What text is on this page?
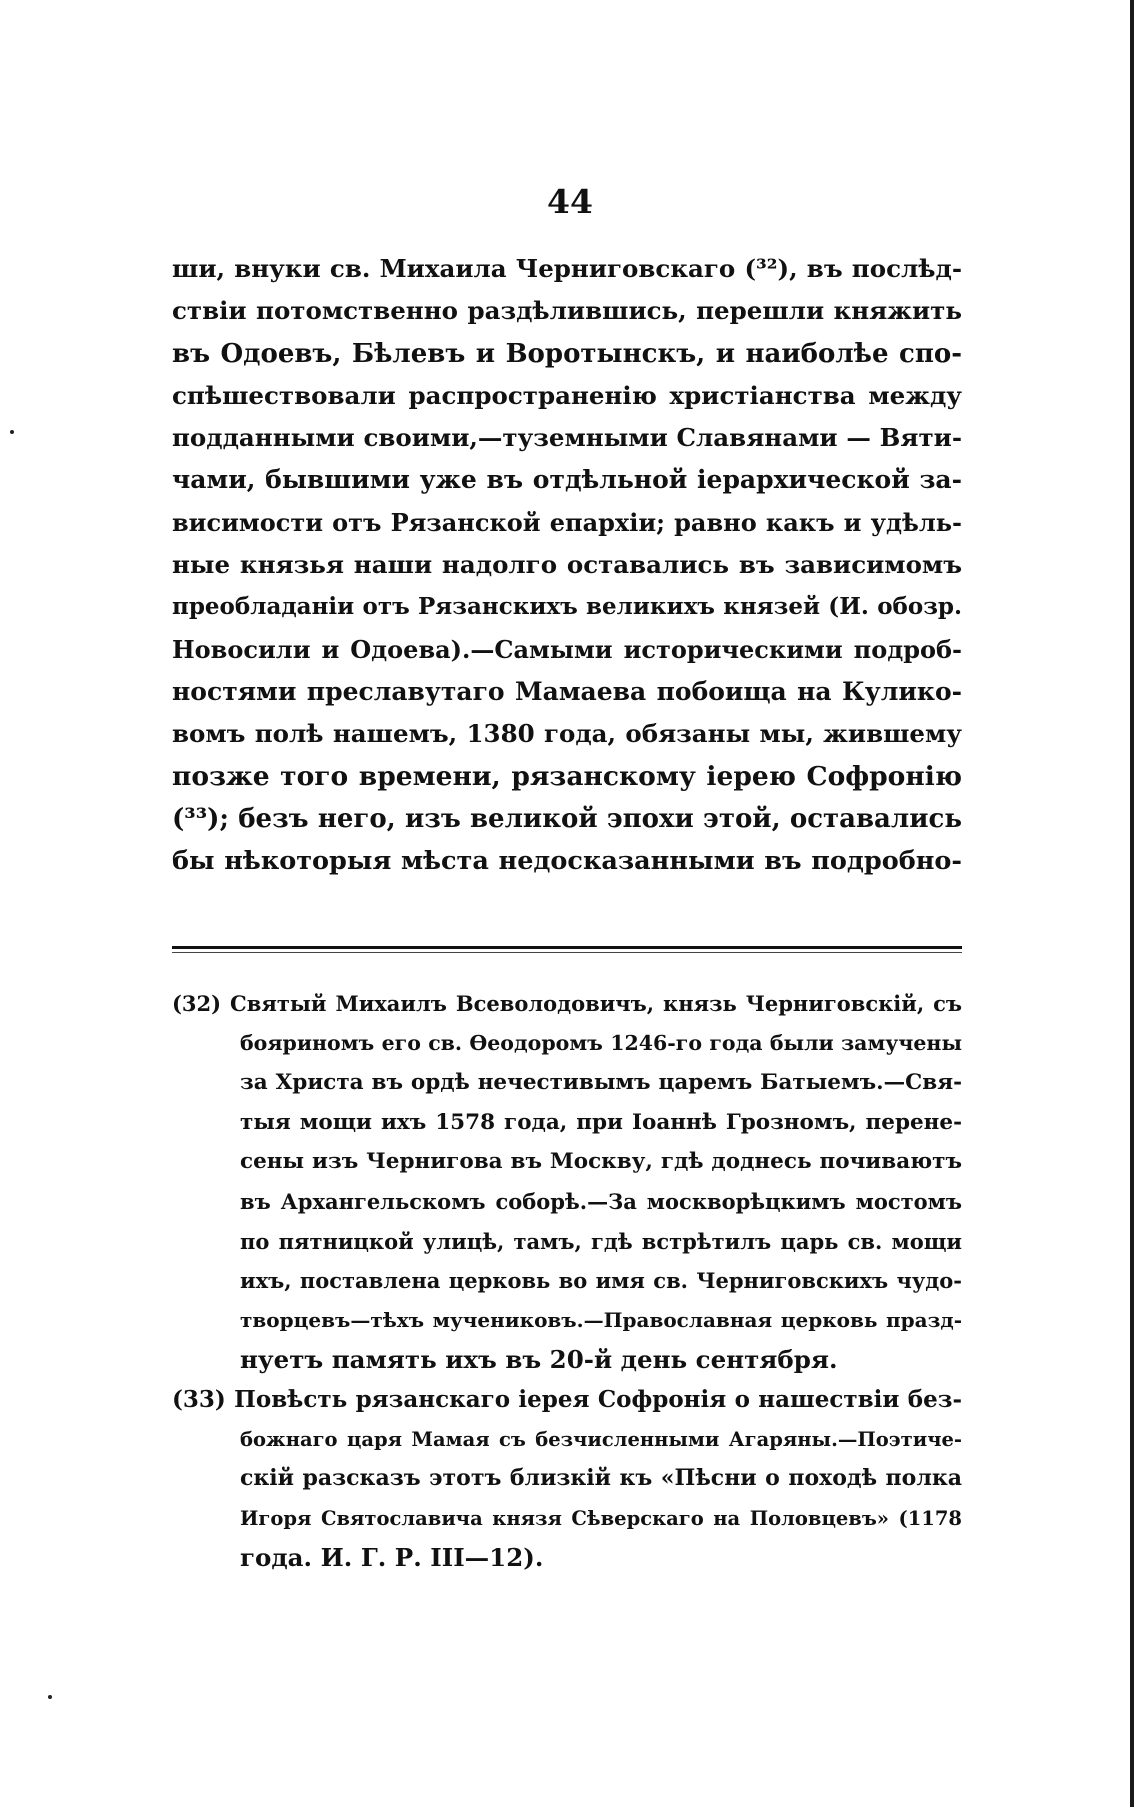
44
ши, внуки св. Михаила Черниговскаго (³²), въ послѣд-
ствіи потомственно раздѣлившись, перешли княжить
въ Одоевъ, Бѣлевъ и Воротынскъ, и наиболѣе спо-
спѣшествовали распространенію христіанства между
подданными своими,—туземными Славянами — Вяти-
чами, бывшими уже въ отдѣльной іерархической за-
висимости отъ Рязанской епархіи; равно какъ и удѣль-
ные князья наши надолго оставались въ зависимомъ
преобладаніи отъ Рязанскихъ великихъ князей (И. обозр.
Новосили и Одоева).—Самыми историческими подроб-
ностями преславутаго Мамаева побоища на Кулико-
вомъ полѣ нашемъ, 1380 года, обязаны мы, жившему
позже того времени, рязанскому іерею Софронію
(³³); безъ него, изъ великой эпохи этой, оставались
бы нѣкоторыя мѣста недосказанными въ подробно-
(32) Святый Михаилъ Всеволодовичъ, князь Черниговскій, съ
бояриномъ его св. Ѳеодоромъ 1246-го года были замучены
за Христа въ ордѣ нечестивымъ царемъ Батыемъ.—Свя-
тыя мощи ихъ 1578 года, при Іоаннѣ Грозномъ, перене-
сены изъ Чернигова въ Москву, гдѣ доднесь почиваютъ
въ Архангельскомъ соборѣ.—За москворѣцкимъ мостомъ
по пятницкой улицѣ, тамъ, гдѣ встрѣтилъ царь св. мощи
ихъ, поставлена церковь во имя св. Черниговскихъ чудо-
творцевъ—тѣхъ мучениковъ.—Православная церковь празд-
нуетъ память ихъ въ 20-й день сентября.
(33) Повѣсть рязанскаго іерея Софронія о нашествіи без-
божнаго царя Мамая съ безчисленными Агаряны.—Поэтиче-
скій разсказъ этотъ близкій къ «Пѣсни о походѣ полка
Игоря Святославича князя Сѣверскаго на Половцевъ» (1178
года. И. Г. Р. III—12).
